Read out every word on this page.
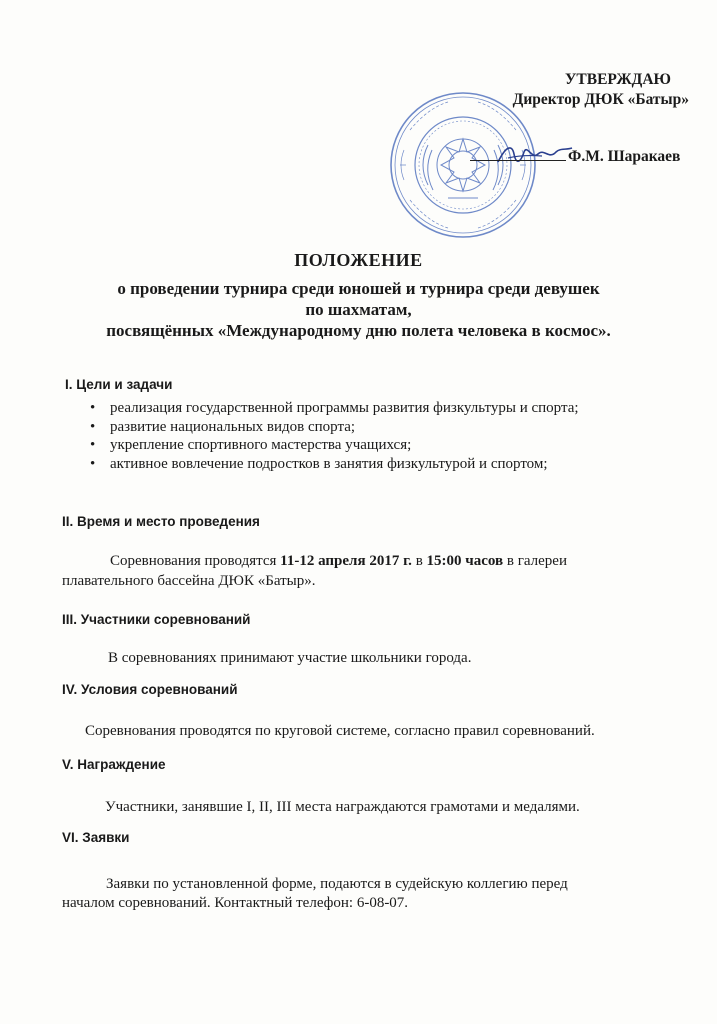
УТВЕРЖДАЮ
Директор ДЮК «Батыр»
Ф.М. Шаракаев
ПОЛОЖЕНИЕ
о проведении турнира среди юношей и турнира среди девушек
по шахматам,
посвящённых «Международному дню полета человека в космос».
I. Цели и задачи
• реализация государственной программы развития физкультуры и спорта;
• развитие национальных видов спорта;
• укрепление спортивного мастерства учащихся;
• активное вовлечение подростков в занятия физкультурой и спортом;
II. Время и место проведения
Соревнования проводятся 11-12 апреля 2017 г. в 15:00 часов в галереи
плавательного бассейна ДЮК «Батыр».
III. Участники соревнований
В соревнованиях принимают участие школьники города.
IV. Условия соревнований
Соревнования проводятся по круговой системе, согласно правил соревнований.
V. Награждение
Участники, занявшие I, II, III места награждаются грамотами и медалями.
VI. Заявки
Заявки по установленной форме, подаются в судейскую коллегию перед
началом соревнований. Контактный телефон: 6-08-07.
